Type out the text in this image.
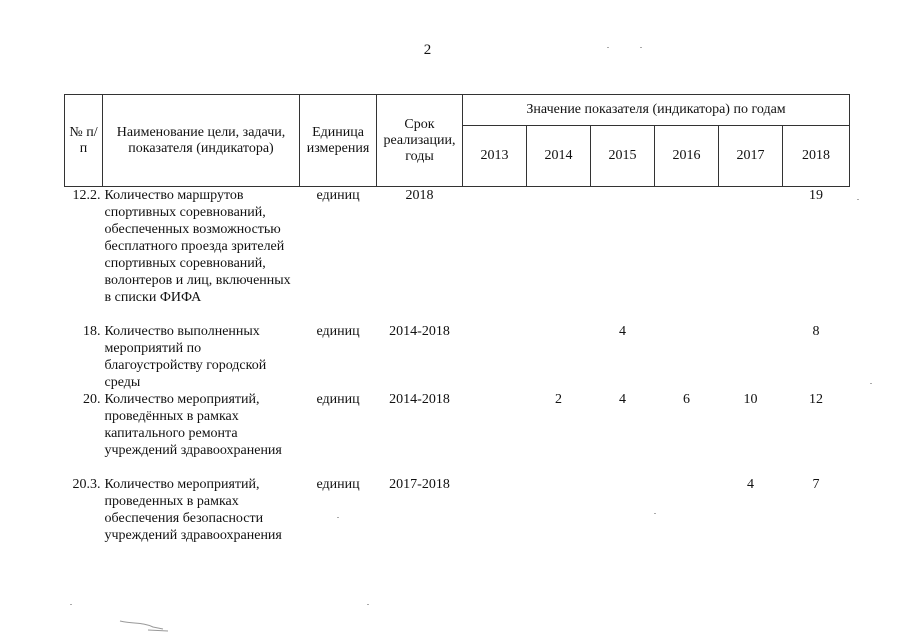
2
№ п/п	Наименование цели, задачи, показателя (индикатора)	Единица измерения	Срок реализации, годы	Значение показателя (индикатора) по годам					
				2013	2014	2015	2016	2017	2018
12.2.	Количество маршрутов спортивных соревнований, обеспеченных возможностью бесплатного проезда зрителей спортивных соревнований, волонтеров и лиц, включенных в списки ФИФА	единиц	2018						19
18.	Количество выполненных мероприятий по благоустройству городской среды	единиц	2014-2018			4			8
20.	Количество мероприятий, проведённых в рамках капитального ремонта учреждений здравоохранения	единиц	2014-2018		2	4	6	10	12
20.3.	Количество мероприятий, проведенных в рамках обеспечения безопасности учреждений здравоохранения	единиц	2017-2018					4	7
